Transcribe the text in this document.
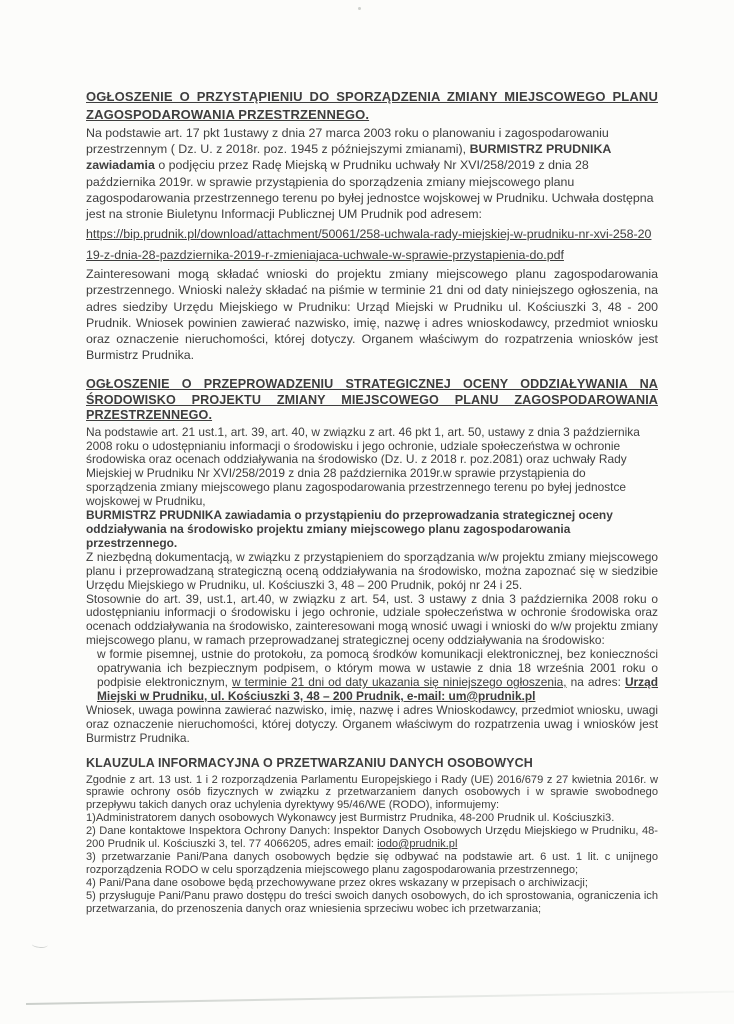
OGŁOSZENIE O PRZYSTĄPIENIU DO SPORZĄDZENIA ZMIANY MIEJSCOWEGO PLANU ZAGOSPODAROWANIA PRZESTRZENNEGO.

Na podstawie art. 17 pkt 1ustawy z dnia 27 marca 2003 roku o planowaniu i zagospodarowaniu przestrzennym ( Dz. U. z 2018r. poz. 1945 z późniejszymi zmianami), BURMISTRZ PRUDNIKA zawiadamia o podjęciu przez Radę Miejską w Prudniku uchwały Nr XVI/258/2019 z dnia 28 października 2019r. w sprawie przystąpienia do sporządzenia zmiany miejscowego planu zagospodarowania przestrzennego terenu po byłej jednostce wojskowej w Prudniku. Uchwała dostępna jest na stronie Biuletynu Informacji Publicznej UM Prudnik pod adresem:

https://bip.prudnik.pl/download/attachment/50061/258-uchwala-rady-miejskiej-w-prudniku-nr-xvi-258-2019-z-dnia-28-pazdziernika-2019-r-zmieniajaca-uchwale-w-sprawie-przystapienia-do.pdf

Zainteresowani mogą składać wnioski do projektu zmiany miejscowego planu zagospodarowania przestrzennego. Wnioski należy składać na piśmie w terminie 21 dni od daty niniejszego ogłoszenia, na adres siedziby Urzędu Miejskiego w Prudniku: Urząd Miejski w Prudniku ul. Kościuszki 3, 48 - 200 Prudnik. Wniosek powinien zawierać nazwisko, imię, nazwę i adres wnioskodawcy, przedmiot wniosku oraz oznaczenie nieruchomości, której dotyczy. Organem właściwym do rozpatrzenia wniosków jest Burmistrz Prudnika.

OGŁOSZENIE O PRZEPROWADZENIU STRATEGICZNEJ OCENY ODDZIAŁYWANIA NA ŚRODOWISKO PROJEKTU ZMIANY MIEJSCOWEGO PLANU ZAGOSPODAROWANIA PRZESTRZENNEGO.

Na podstawie art. 21 ust.1, art. 39, art. 40, w związku z art. 46 pkt 1, art. 50, ustawy z dnia 3 października 2008 roku o udostępnianiu informacji o środowisku i jego ochronie, udziale społeczeństwa w ochronie środowiska oraz ocenach oddziaływania na środowisko (Dz. U. z 2018 r. poz.2081) oraz uchwały Rady Miejskiej w Prudniku Nr XVI/258/2019 z dnia 28 października 2019r.w sprawie przystąpienia do sporządzenia zmiany miejscowego planu zagospodarowania przestrzennego terenu po byłej jednostce wojskowej w Prudniku,

BURMISTRZ PRUDNIKA zawiadamia o przystąpieniu do przeprowadzania strategicznej oceny oddziaływania na środowisko projektu zmiany miejscowego planu zagospodarowania przestrzennego.

Z niezbędną dokumentacją, w związku z przystąpieniem do sporządzania w/w projektu zmiany miejscowego planu i przeprowadzaną strategiczną oceną oddziaływania na środowisko, można zapoznać się w siedzibie Urzędu Miejskiego w Prudniku, ul. Kościuszki 3, 48 – 200 Prudnik, pokój nr 24 i 25.

Stosownie do art. 39, ust.1, art.40, w związku z art. 54, ust. 3 ustawy z dnia 3 października 2008 roku o udostępnianiu informacji o środowisku i jego ochronie, udziale społeczeństwa w ochronie środowiska oraz ocenach oddziaływania na środowisko, zainteresowani mogą wnosić uwagi i wnioski do w/w projektu zmiany miejscowego planu, w ramach przeprowadzanej strategicznej oceny oddziaływania na środowisko:

w formie pisemnej, ustnie do protokołu, za pomocą środków komunikacji elektronicznej, bez konieczności opatrywania ich bezpiecznym podpisem, o którym mowa w ustawie z dnia 18 września 2001 roku o podpisie elektronicznym, w terminie 21 dni od daty ukazania się niniejszego ogłoszenia, na adres: Urząd Miejski w Prudniku, ul. Kościuszki 3, 48 – 200 Prudnik, e-mail: um@prudnik.pl

Wniosek, uwaga powinna zawierać nazwisko, imię, nazwę i adres Wnioskodawcy, przedmiot wniosku, uwagi oraz oznaczenie nieruchomości, której dotyczy. Organem właściwym do rozpatrzenia uwag i wniosków jest Burmistrz Prudnika.

KLAUZULA INFORMACYJNA O PRZETWARZANIU DANYCH OSOBOWYCH

Zgodnie z art. 13 ust. 1 i 2 rozporządzenia Parlamentu Europejskiego i Rady (UE) 2016/679 z 27 kwietnia 2016r. w sprawie ochrony osób fizycznych w związku z przetwarzaniem danych osobowych i w sprawie swobodnego przepływu takich danych oraz uchylenia dyrektywy 95/46/WE (RODO), informujemy:

1)Administratorem danych osobowych Wykonawcy jest Burmistrz Prudnika, 48-200 Prudnik ul. Kościuszki3.

2) Dane kontaktowe Inspektora Ochrony Danych: Inspektor Danych Osobowych Urzędu Miejskiego w Prudniku, 48-200 Prudnik ul. Kościuszki 3, tel. 77 4066205, adres email: iodo@prudnik.pl

3) przetwarzanie Pani/Pana danych osobowych będzie się odbywać na podstawie art. 6 ust. 1 lit. c unijnego rozporządzenia RODO w celu sporządzenia miejscowego planu zagospodarowania przestrzennego;

4) Pani/Pana dane osobowe będą przechowywane przez okres wskazany w przepisach o archiwizacji;

5) przysługuje Pani/Panu prawo dostępu do treści swoich danych osobowych, do ich sprostowania, ograniczenia ich przetwarzania, do przenoszenia danych oraz wniesienia sprzeciwu wobec ich przetwarzania;
